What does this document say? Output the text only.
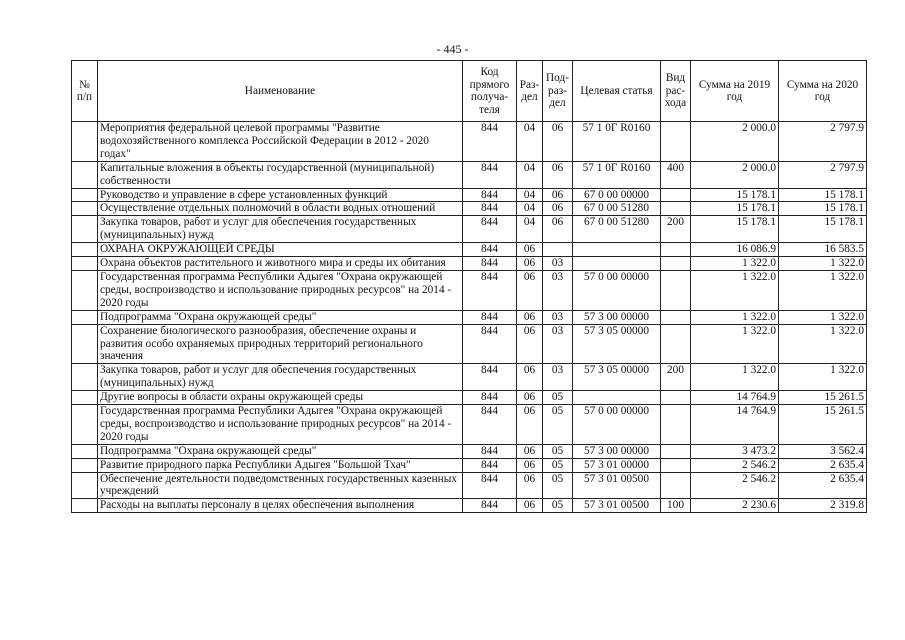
- 445 -
№ п/п	Наименование	Код прямого получа-теля	Раз-дел	Под-раз-дел	Целевая статья	Вид рас-хода	Сумма на 2019 год	Сумма на 2020 год
	Мероприятия федеральной целевой программы "Развитие водохозяйственного комплекса Российской Федерации в 2012 - 2020 годах"	844	04	06	57 1 0Г R0160		2 000.0	2 797.9
	Капитальные вложения в объекты государственной (муниципальной) собственности	844	04	06	57 1 0Г R0160	400	2 000.0	2 797.9
	Руководство и управление в сфере установленных функций	844	04	06	67 0 00 00000		15 178.1	15 178.1
	Осуществление отдельных полномочий в области водных отношений	844	04	06	67 0 00 51280		15 178.1	15 178.1
	Закупка товаров, работ и услуг для обеспечения государственных (муниципальных) нужд	844	04	06	67 0 00 51280	200	15 178.1	15 178.1
	ОХРАНА ОКРУЖАЮЩЕЙ СРЕДЫ	844	06				16 086.9	16 583.5
	Охрана объектов растительного и животного мира и среды их обитания	844	06	03			1 322.0	1 322.0
	Государственная программа Республики Адыгея "Охрана окружающей среды, воспроизводство и использование природных ресурсов" на 2014 - 2020 годы	844	06	03	57 0 00 00000		1 322.0	1 322.0
	Подпрограмма "Охрана окружающей среды"	844	06	03	57 3 00 00000		1 322.0	1 322.0
	Сохранение биологического разнообразия, обеспечение охраны и развития особо охраняемых природных территорий регионального значения	844	06	03	57 3 05 00000		1 322.0	1 322.0
	Закупка товаров, работ и услуг для обеспечения государственных (муниципальных) нужд	844	06	03	57 3 05 00000	200	1 322.0	1 322.0
	Другие вопросы в области охраны окружающей среды	844	06	05			14 764.9	15 261.5
	Государственная программа Республики Адыгея "Охрана окружающей среды, воспроизводство и использование природных ресурсов" на 2014 - 2020 годы	844	06	05	57 0 00 00000		14 764.9	15 261.5
	Подпрограмма "Охрана окружающей среды"	844	06	05	57 3 00 00000		3 473.2	3 562.4
	Развитие природного парка Республики Адыгея "Большой Тхач"	844	06	05	57 3 01 00000		2 546.2	2 635.4
	Обеспечение деятельности подведомственных государственных казенных учреждений	844	06	05	57 3 01 00500		2 546.2	2 635.4
	Расходы на выплаты персоналу в целях обеспечения выполнения	844	06	05	57 3 01 00500	100	2 230.6	2 319.8
